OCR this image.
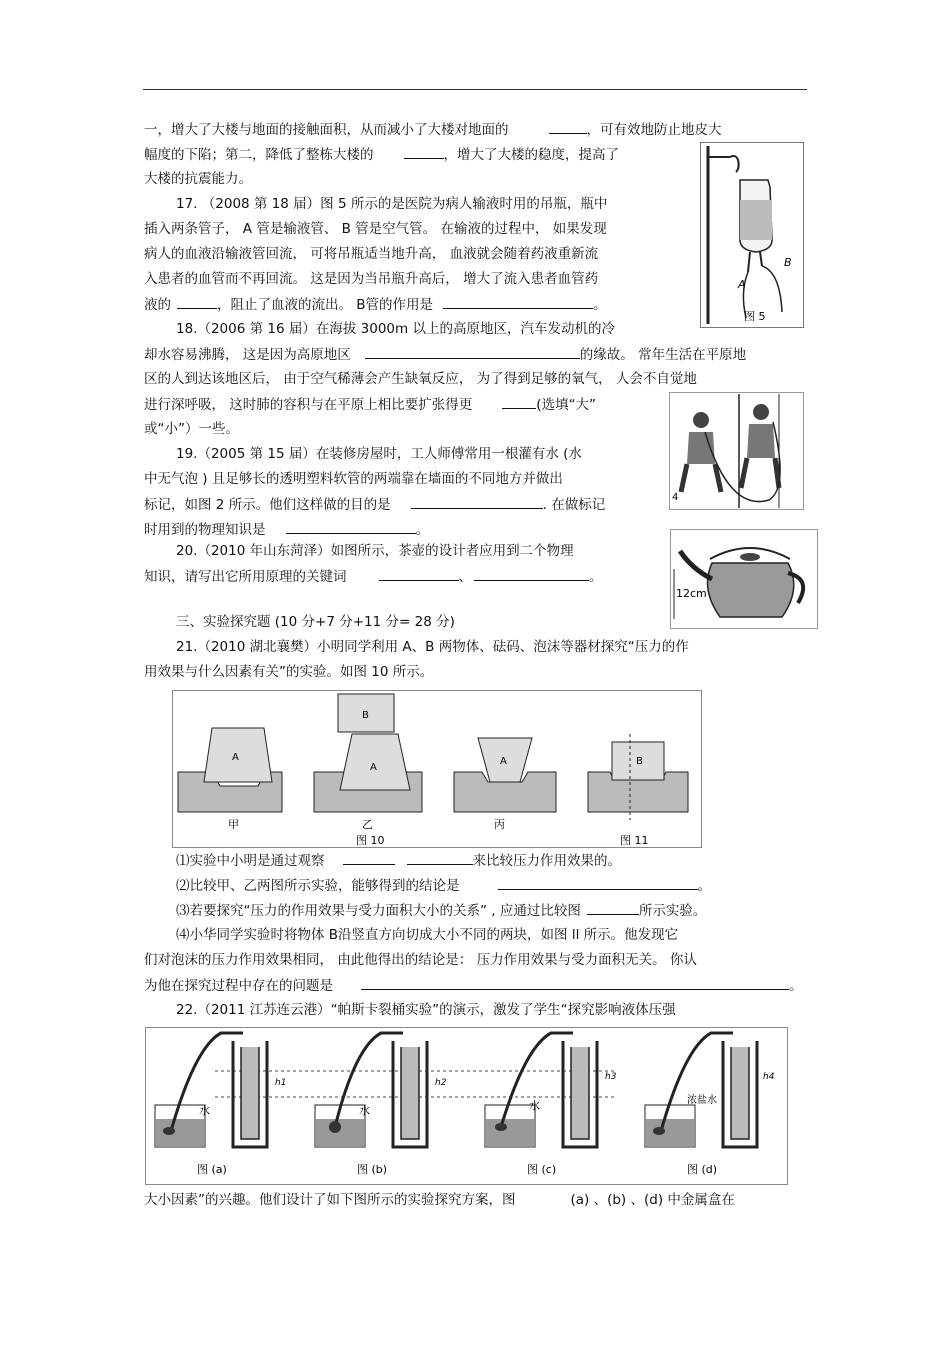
一，增大了大楼与地面的接触面积，从而减小了大楼对地面的	，可有效地防止地皮大
幅度的下陷；第二，降低了整栋大楼的	，增大了大楼的稳度，提高了
大楼的抗震能力。
17. （2008 第 18 届）图 5 所示的是医院为病人输液时用的吊瓶，瓶中
插入两条管子， A 管是输液管、 B 管是空气管。 在输液的过程中， 如果发现
病人的血液沿输液管回流， 可将吊瓶适当地升高， 血液就会随着药液重新流
入患者的血管而不再回流。 这是因为当吊瓶升高后， 增大了流入患者血管药
液的	，阻止了血液的流出。 B管的作用是	。
18.（2006 第 16 届）在海拔 3000m 以上的高原地区，汽车发动机的冷
却水容易沸腾， 这是因为高原地区	的缘故。 常年生活在平原地
区的人到达该地区后， 由于空气稀薄会产生缺氧反应， 为了得到足够的氧气， 人会不自觉地
进行深呼吸， 这时肺的容积与在平原上相比要扩张得更	(选填“大”
或“小”）一些。
19.（2005 第 15 届）在装修房屋时，工人师傅常用一根灌有水 (水
中无气泡 ) 且足够长的透明塑料软管的两端靠在墙面的不同地方并做出
标记，如图 2 所示。他们这样做的目的是	. 在做标记
时用到的物理知识是	。
20.（2010 年山东菏泽）如图所示，茶壶的设计者应用到二个物理
知识，请写出它所用原理的关键词	、	。
三、实验探究题 (10 分+7 分+11 分= 28 分)
21.（2010 湖北襄樊）小明同学利用 A、B 两物体、砝码、泡沫等器材探究“压力的作
用效果与什么因素有关”的实验。如图 10 所示。
⑴实验中小明是通过观察	来比较压力作用效果的。
⑵比较甲、乙两图所示实验，能够得到的结论是	。
⑶若要探究“压力的作用效果与受力面积大小的关系” , 应通过比较图	所示实验。
⑷小华同学实验时将物体 B沿竖直方向切成大小不同的两块，如图 ll 所示。他发现它
们对泡沫的压力作用效果相同， 由此他得出的结论是： 压力作用效果与受力面积无关。 你认
为他在探究过程中存在的问题是	。
22.（2011 江苏连云港）“帕斯卡裂桶实验”的演示，激发了学生“探究影响液体压强
大小因素”的兴趣。他们设计了如下图所示的实验探究方案，图	(a) 、(b) 、(d) 中金属盒在
A
B
图 5
4
12cm
A
甲
B
A
乙
A
丙
图 10
B
图 11
水
h1
图 (a)
水
h2
图 (b)
水
h3
图 (c)
浓盐水
h4
图 (d)
